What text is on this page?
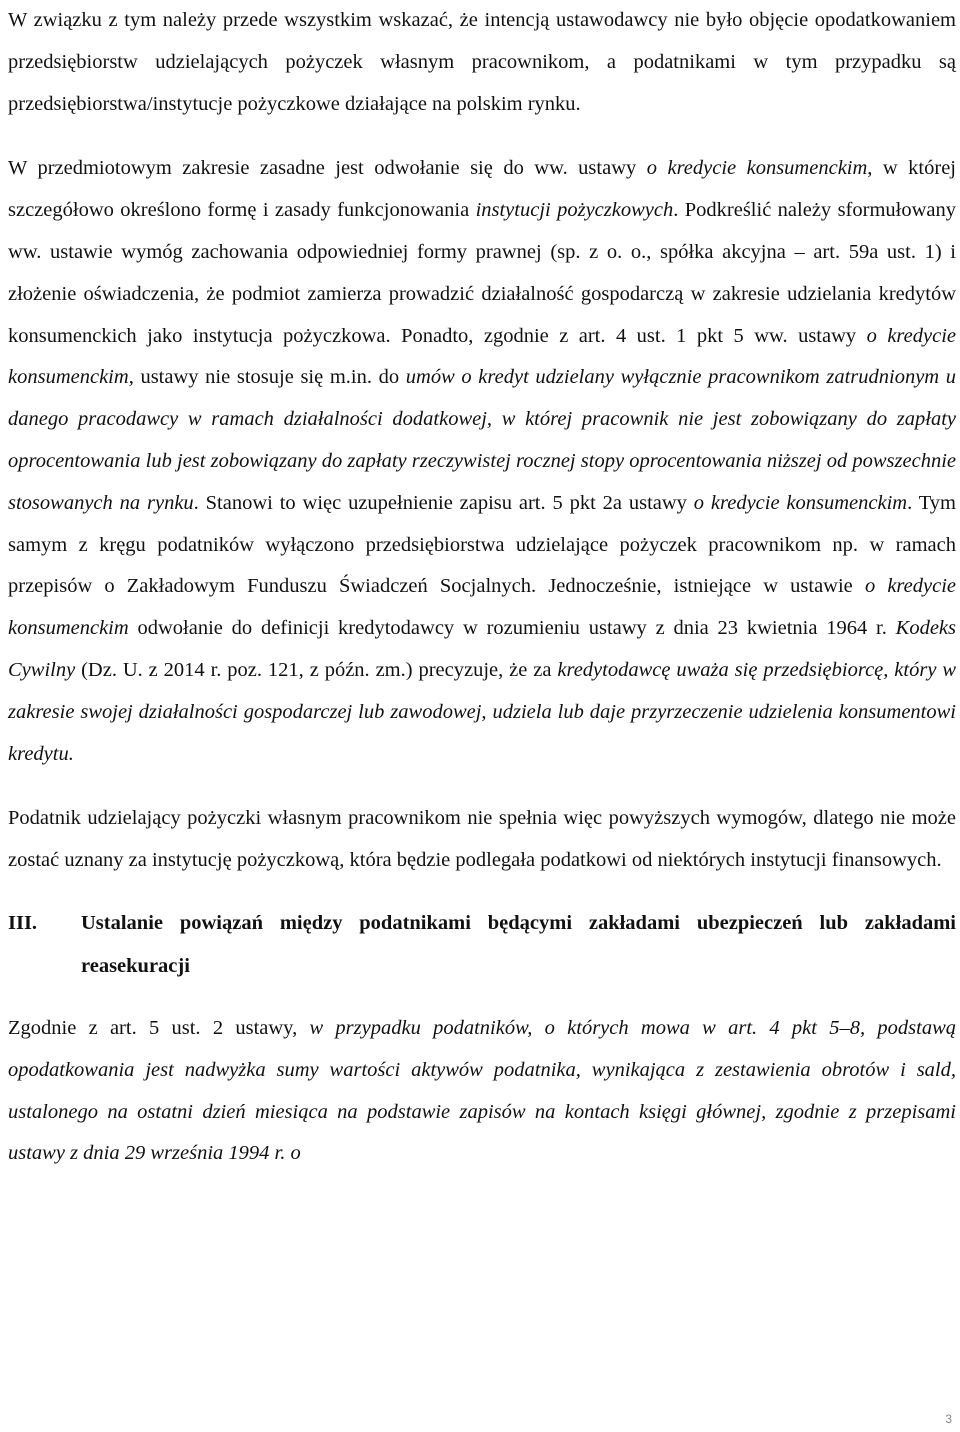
W związku z tym należy przede wszystkim wskazać, że intencją ustawodawcy nie było objęcie opodatkowaniem przedsiębiorstw udzielających pożyczek własnym pracownikom, a podatnikami w tym przypadku są przedsiębiorstwa/instytucje pożyczkowe działające na polskim rynku.

W przedmiotowym zakresie zasadne jest odwołanie się do ww. ustawy o kredycie konsumenckim, w której szczegółowo określono formę i zasady funkcjonowania instytucji pożyczkowych. Podkreślić należy sformułowany ww. ustawie wymóg zachowania odpowiedniej formy prawnej (sp. z o. o., spółka akcyjna – art. 59a ust. 1) i złożenie oświadczenia, że podmiot zamierza prowadzić działalność gospodarczą w zakresie udzielania kredytów konsumenckich jako instytucja pożyczkowa. Ponadto, zgodnie z art. 4 ust. 1 pkt 5 ww. ustawy o kredycie konsumenckim, ustawy nie stosuje się m.in. do umów o kredyt udzielany wyłącznie pracownikom zatrudnionym u danego pracodawcy w ramach działalności dodatkowej, w której pracownik nie jest zobowiązany do zapłaty oprocentowania lub jest zobowiązany do zapłaty rzeczywistej rocznej stopy oprocentowania niższej od powszechnie stosowanych na rynku. Stanowi to więc uzupełnienie zapisu art. 5 pkt 2a ustawy o kredycie konsumenckim. Tym samym z kręgu podatników wyłączono przedsiębiorstwa udzielające pożyczek pracownikom np. w ramach przepisów o Zakładowym Funduszu Świadczeń Socjalnych. Jednocześnie, istniejące w ustawie o kredycie konsumenckim odwołanie do definicji kredytodawcy w rozumieniu ustawy z dnia 23 kwietnia 1964 r. Kodeks Cywilny (Dz. U. z 2014 r. poz. 121, z późn. zm.) precyzuje, że za kredytodawcę uważa się przedsiębiorcę, który w zakresie swojej działalności gospodarczej lub zawodowej, udziela lub daje przyrzeczenie udzielenia konsumentowi kredytu.

Podatnik udzielający pożyczki własnym pracownikom nie spełnia więc powyższych wymogów, dlatego nie może zostać uznany za instytucję pożyczkową, która będzie podlegała podatkowi od niektórych instytucji finansowych.

III.	Ustalanie powiązań między podatnikami będącymi zakładami ubezpieczeń lub zakładami reasekuracji

Zgodnie z art. 5 ust. 2 ustawy, w przypadku podatników, o których mowa w art. 4 pkt 5–8, podstawą opodatkowania jest nadwyżka sumy wartości aktywów podatnika, wynikająca z zestawienia obrotów i sald, ustalonego na ostatni dzień miesiąca na podstawie zapisów na kontach księgi głównej, zgodnie z przepisami ustawy z dnia 29 września 1994 r. o

3
